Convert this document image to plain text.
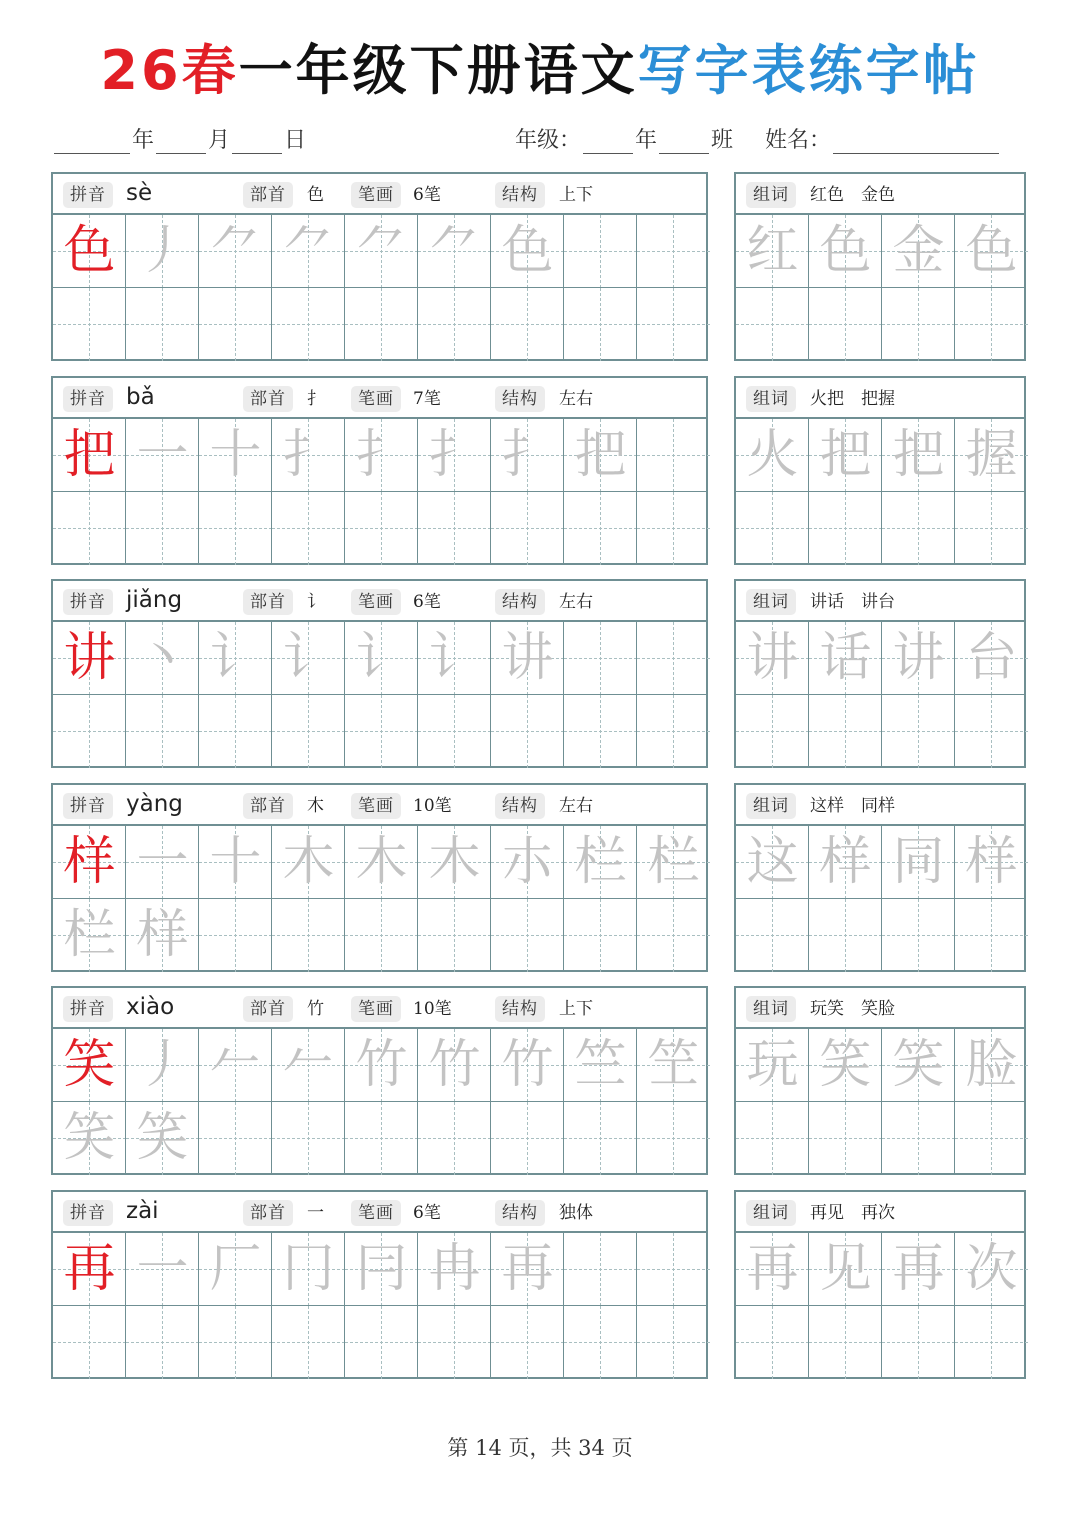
26春一年级下册语文写字表练字帖
年 月 日	年级： 年 班 姓名：
拼音 sè	部首	色	笔画	6笔	结构	上下
色 丿 ⺈ ⺈ ⺈ ⺈ 色
组词	红色　金色
红 色 金 色
拼音 bǎ	部首	扌	笔画	7笔	结构	左右
把 一 十 扌 扌 扌 扌 把
组词	火把　把握
火 把 把 握
拼音 jiǎng	部首	讠	笔画	6笔	结构	左右
讲 丶 讠 讠 讠 讠 讲
组词	讲话　讲台
讲 话 讲 台
拼音 yàng	部首	木	笔画	10笔	结构	左右
样 一 十 木 木 木 朩 栏 栏
栏 样
组词	这样　同样
这 样 同 样
拼音 xiào	部首	竹	笔画	10笔	结构	上下
笑 丿 𠂉 𠂉 竹 竹 竹 竺 笁
笑 笑
组词	玩笑　笑脸
玩 笑 笑 脸
拼音 zài	部首	一	笔画	6笔	结构	独体
再 一 厂 冂 冃 冉 再
组词	再见　再次
再 见 再 次
第 14 页，共 34 页
